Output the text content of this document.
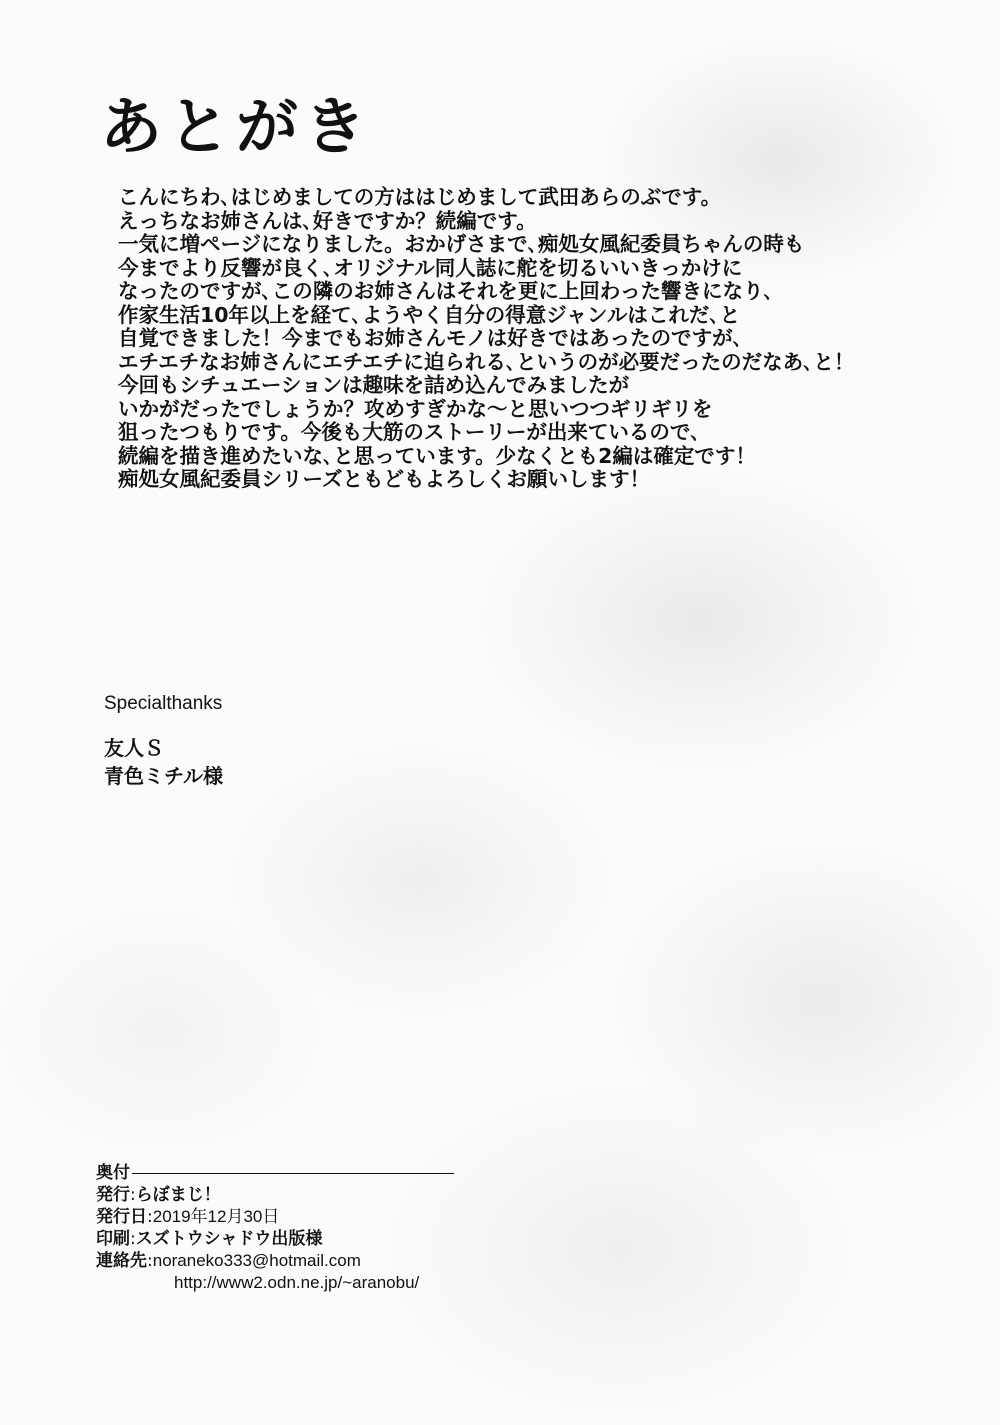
あとがき
こんにちわ､はじめましての方ははじめまして武田あらのぶです。
えっちなお姉さんは､好きですか？続編です。
一気に増ページになりました。おかげさまで､痴処女風紀委員ちゃんの時も
今までより反響が良く､オリジナル同人誌に舵を切るいいきっかけに
なったのですが､この隣のお姉さんはそれを更に上回わった響きになり､
作家生活10年以上を経て､ようやく自分の得意ジャンルはこれだ､と
自覚できました！今までもお姉さんモノは好きではあったのですが､
エチエチなお姉さんにエチエチに迫られる､というのが必要だったのだなあ､と！
今回もシチュエーションは趣味を詰め込んでみましたが
いかがだったでしょうか？攻めすぎかな～と思いつつギリギリを
狙ったつもりです。今後も大筋のストーリーが出来ているので､
続編を描き進めたいな､と思っています。少なくとも2編は確定です！
痴処女風紀委員シリーズともどもよろしくお願いします！
Specialthanks
友人Ｓ
青色ミチル様
奥付
発行:らぼまじ！
発行日:2019年12月30日
印刷:スズトウシャドウ出版様
連絡先:noraneko333@hotmail.com
http://www2.odn.ne.jp/~aranobu/
